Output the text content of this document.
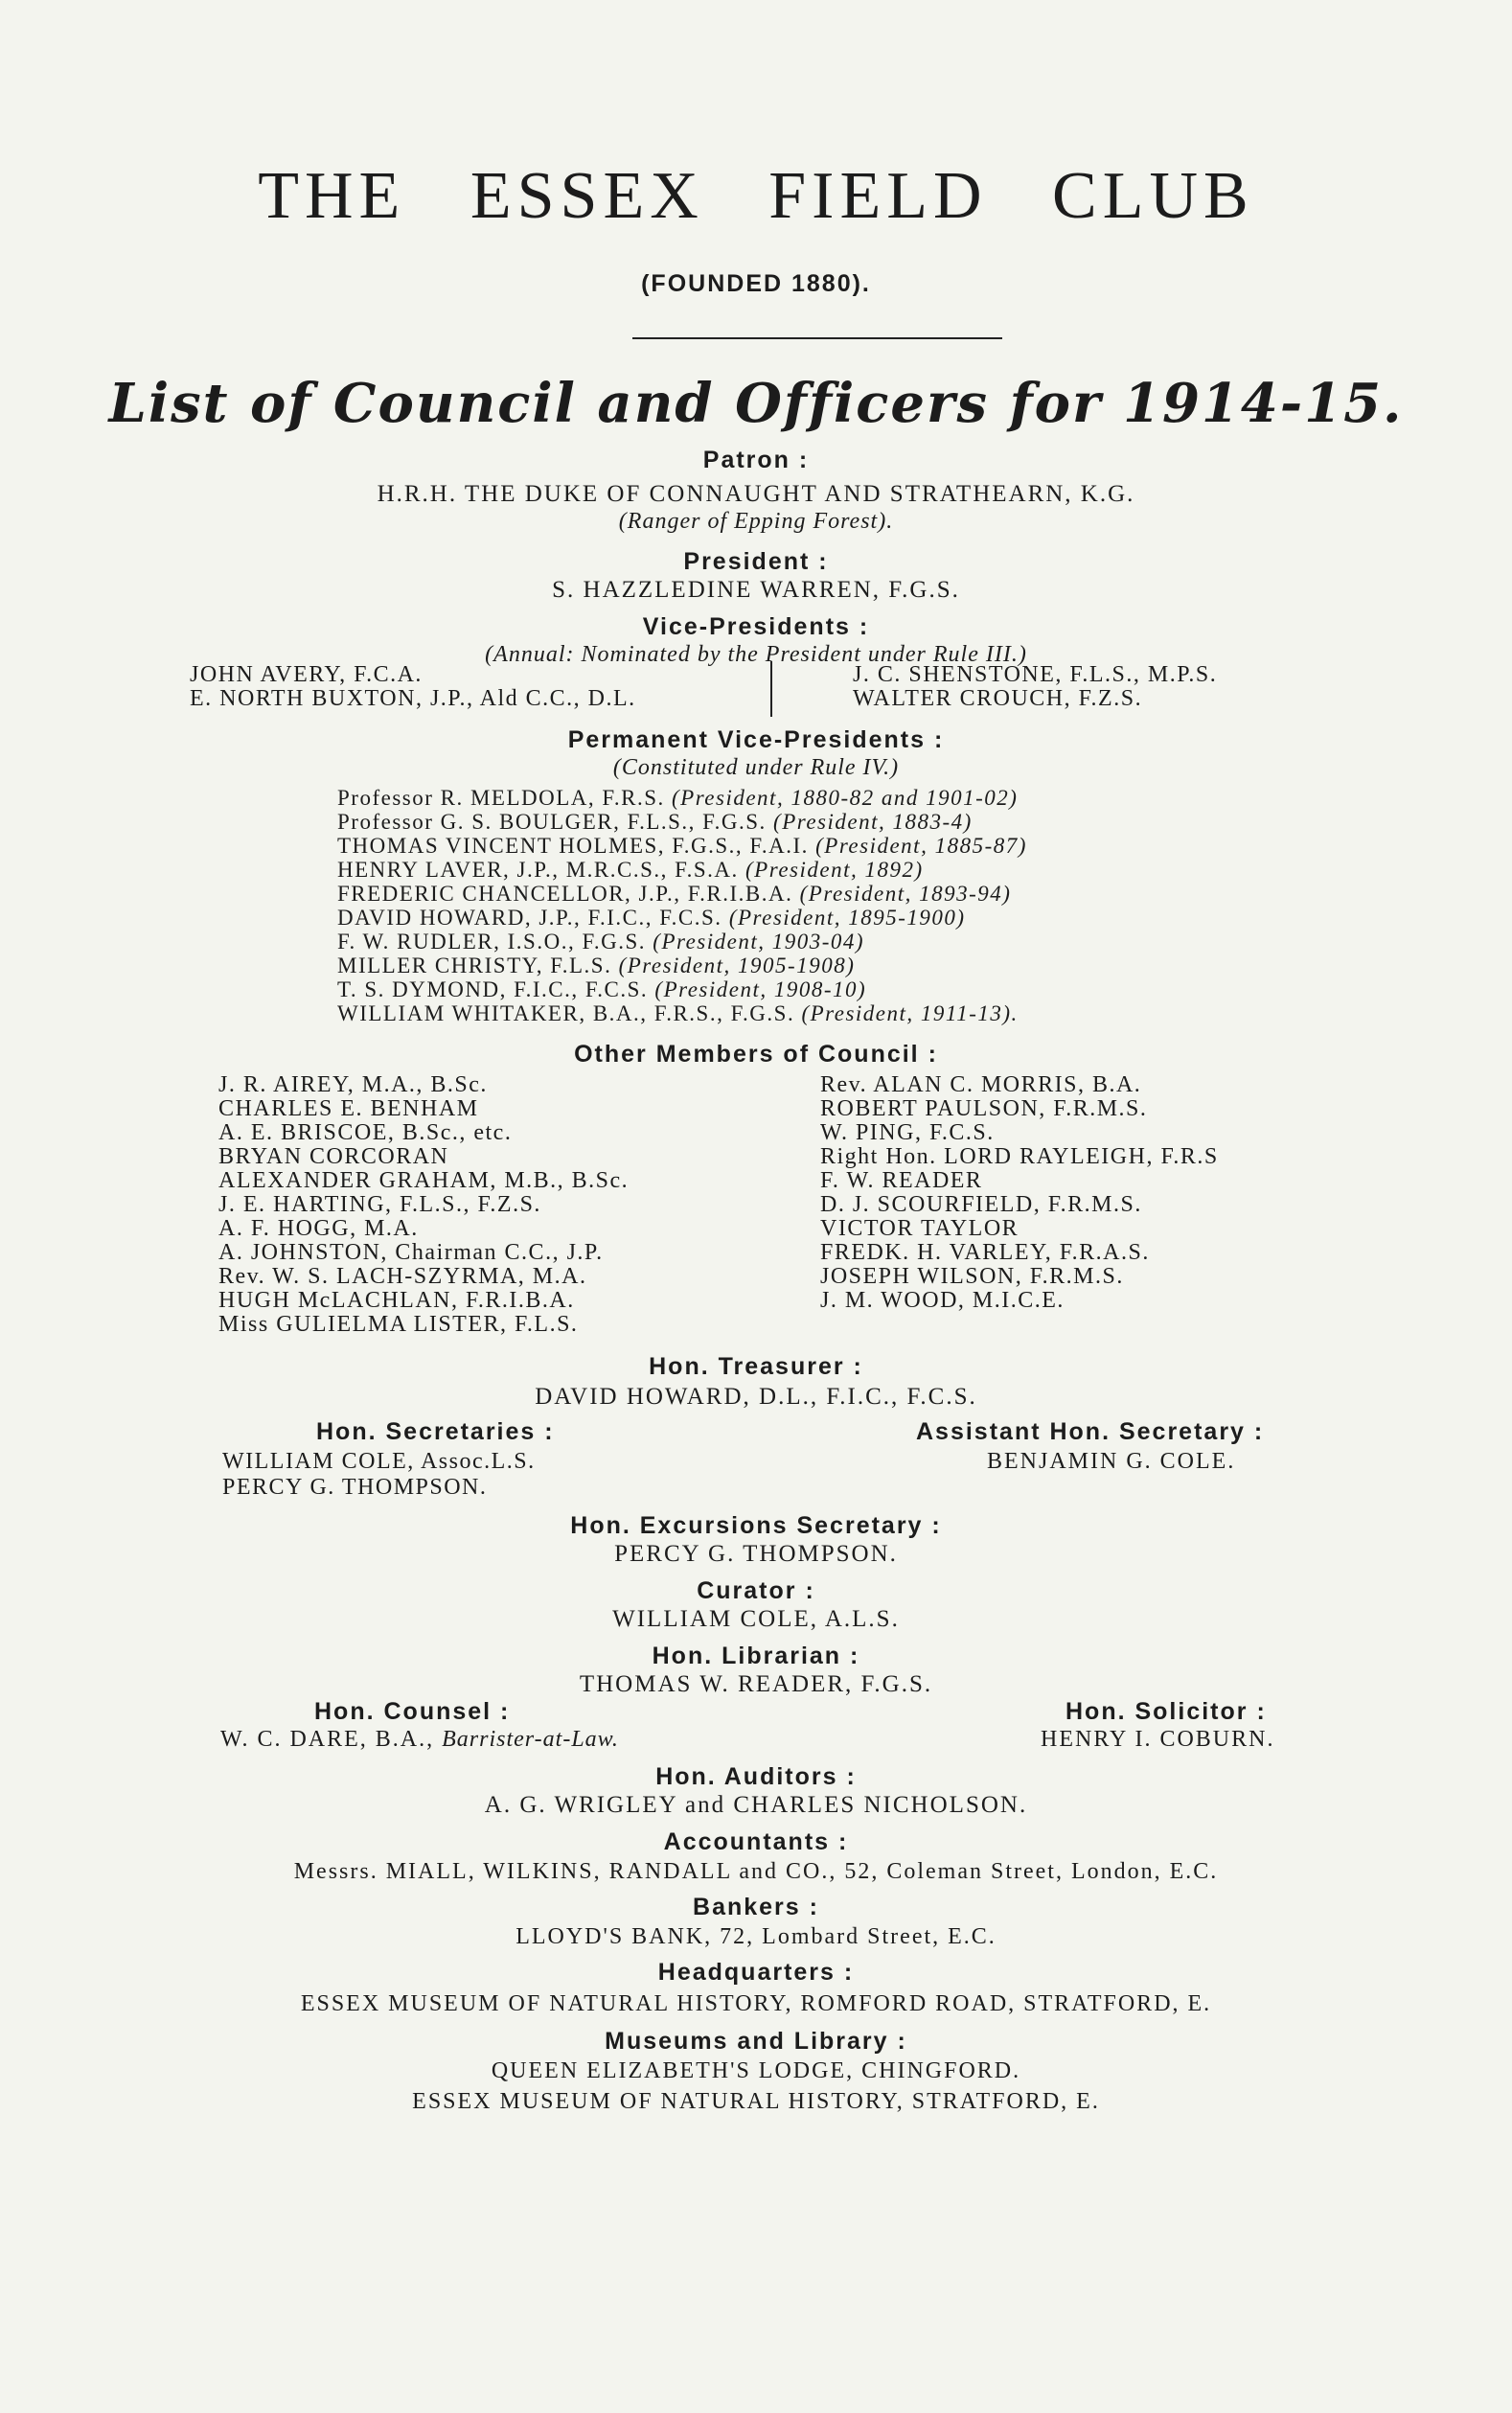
THE ESSEX FIELD CLUB
(FOUNDED 1880).
List of Council and Officers for 1914-15.
Patron :
H.R.H. THE DUKE OF CONNAUGHT AND STRATHEARN, K.G.
(Ranger of Epping Forest).
President :
S. HAZZLEDINE WARREN, F.G.S.
Vice-Presidents :
(Annual: Nominated by the President under Rule III.)
JOHN AVERY, F.C.A.
E. NORTH BUXTON, J.P., Ald C.C., D.L.
J. C. SHENSTONE, F.L.S., M.P.S.
WALTER CROUCH, F.Z.S.
Permanent Vice-Presidents :
(Constituted under Rule IV.)
Professor R. MELDOLA, F.R.S. (President, 1880-82 and 1901-02)
Professor G. S. BOULGER, F.L.S., F.G.S. (President, 1883-4)
THOMAS VINCENT HOLMES, F.G.S., F.A.I. (President, 1885-87)
HENRY LAVER, J.P., M.R.C.S., F.S.A. (President, 1892)
FREDERIC CHANCELLOR, J.P., F.R.I.B.A. (President, 1893-94)
DAVID HOWARD, J.P., F.I.C., F.C.S. (President, 1895-1900)
F. W. RUDLER, I.S.O., F.G.S. (President, 1903-04)
MILLER CHRISTY, F.L.S. (President, 1905-1908)
T. S. DYMOND, F.I.C., F.C.S. (President, 1908-10)
WILLIAM WHITAKER, B.A., F.R.S., F.G.S. (President, 1911-13).
Other Members of Council :
J. R. AIREY, M.A., B.Sc.
CHARLES E. BENHAM
A. E. BRISCOE, B.Sc., etc.
BRYAN CORCORAN
ALEXANDER GRAHAM, M.B., B.Sc.
J. E. HARTING, F.L.S., F.Z.S.
A. F. HOGG, M.A.
A. JOHNSTON, Chairman C.C., J.P.
Rev. W. S. LACH-SZYRMA, M.A.
HUGH McLACHLAN, F.R.I.B.A.
Miss GULIELMA LISTER, F.L.S.
Rev. ALAN C. MORRIS, B.A.
ROBERT PAULSON, F.R.M.S.
W. PING, F.C.S.
Right Hon. LORD RAYLEIGH, F.R.S
F. W. READER
D. J. SCOURFIELD, F.R.M.S.
VICTOR TAYLOR
FREDK. H. VARLEY, F.R.A.S.
JOSEPH WILSON, F.R.M.S.
J. M. WOOD, M.I.C.E.
Hon. Treasurer :
DAVID HOWARD, D.L., F.I.C., F.C.S.
Hon. Secretaries :
WILLIAM COLE, Assoc.L.S.
PERCY G. THOMPSON.
Assistant Hon. Secretary :
BENJAMIN G. COLE.
Hon. Excursions Secretary :
PERCY G. THOMPSON.
Curator :
WILLIAM COLE, A.L.S.
Hon. Librarian :
THOMAS W. READER, F.G.S.
Hon. Counsel :
W. C. DARE, B.A., Barrister-at-Law.
Hon. Solicitor :
HENRY I. COBURN.
Hon. Auditors :
A. G. WRIGLEY and CHARLES NICHOLSON.
Accountants :
Messrs. MIALL, WILKINS, RANDALL and CO., 52, Coleman Street, London, E.C.
Bankers :
LLOYD'S BANK, 72, Lombard Street, E.C.
Headquarters :
ESSEX MUSEUM OF NATURAL HISTORY, ROMFORD ROAD, STRATFORD, E.
Museums and Library :
QUEEN ELIZABETH'S LODGE, CHINGFORD.
ESSEX MUSEUM OF NATURAL HISTORY, STRATFORD, E.
